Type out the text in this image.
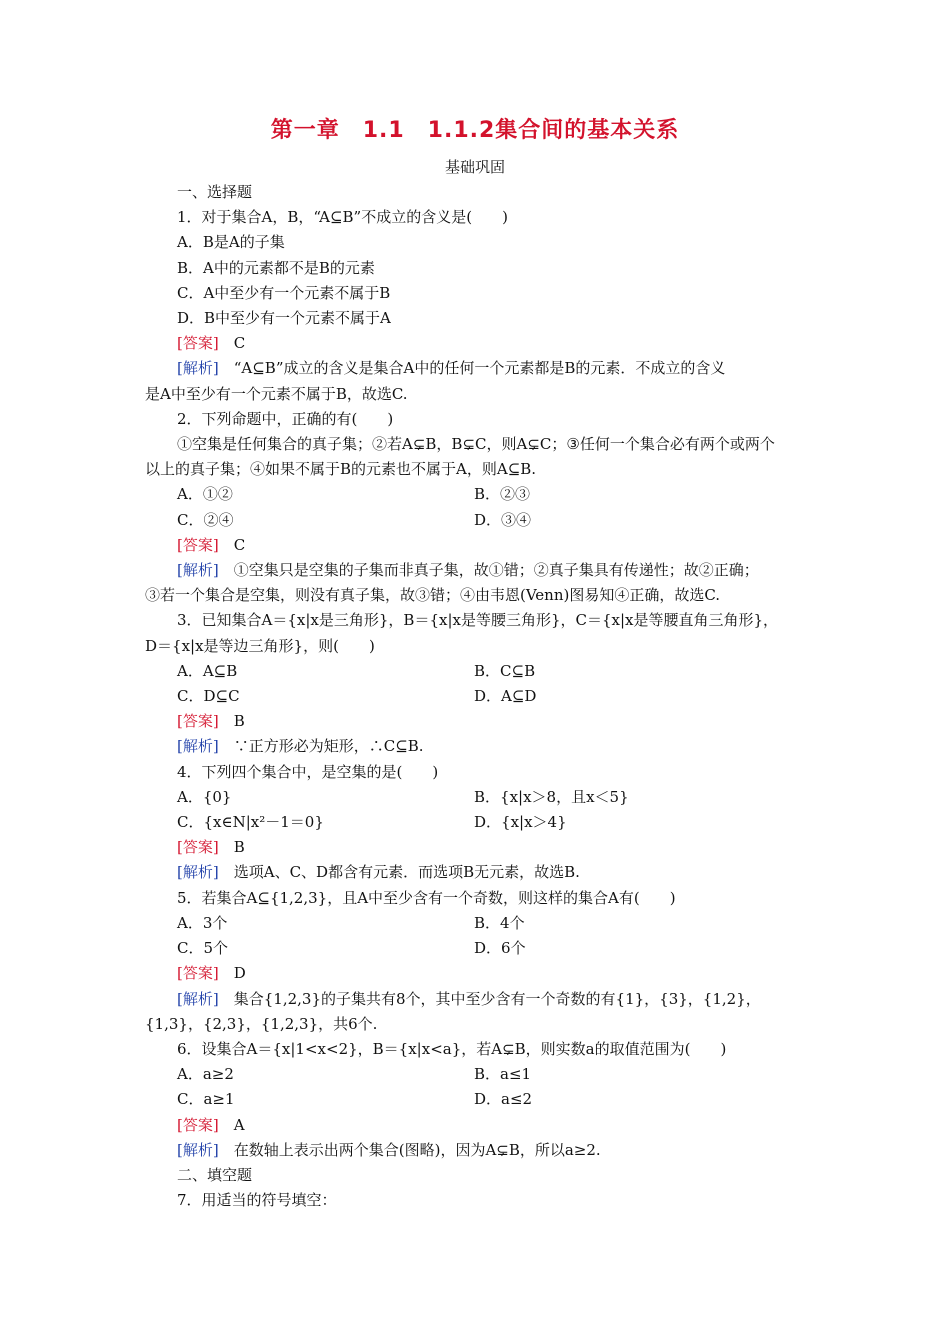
第一章　1.1　1.1.2集合间的基本关系
基础巩固
一、选择题
1．对于集合A，B，“A⊆B”不成立的含义是(　　)
A．B是A的子集
B．A中的元素都不是B的元素
C．A中至少有一个元素不属于B
D．B中至少有一个元素不属于A
[答案]　 C
[解析]　 “A⊆B”成立的含义是集合A中的任何一个元素都是B的元素．不成立的含义
是A中至少有一个元素不属于B，故选C.
2．下列命题中，正确的有(　　)
①空集是任何集合的真子集；②若A⊊B，B⊊C，则A⊊C；③任何一个集合必有两个或两个
以上的真子集；④如果不属于B的元素也不属于A，则A⊆B.
A．①②	B．②③
C．②④	D．③④
[答案]　 C
[解析]　 ①空集只是空集的子集而非真子集，故①错；②真子集具有传递性；故②正确；
③若一个集合是空集，则没有真子集，故③错；④由韦恩(Venn)图易知④正确，故选C.
3．已知集合A＝{x|x是三角形}，B＝{x|x是等腰三角形}，C＝{x|x是等腰直角三角形}，
D＝{x|x是等边三角形}，则(　　)
A．A⊆B	B．C⊆B
C．D⊆C	D．A⊆D
[答案]　 B
[解析]　 ∵正方形必为矩形，∴C⊆B.
4．下列四个集合中，是空集的是(　　)
A．{0}	B．{x|x＞8，且x＜5}
C．{x∈N|x²－1＝0}	D．{x|x＞4}
[答案]　 B
[解析]　 选项A、C、D都含有元素．而选项B无元素，故选B.
5．若集合A⊆{1,2,3}，且A中至少含有一个奇数，则这样的集合A有(　　)
A．3个	B．4个
C．5个	D．6个
[答案]　 D
[解析]　 集合{1,2,3}的子集共有8个，其中至少含有一个奇数的有{1}，{3}，{1,2}，
{1,3}，{2,3}，{1,2,3}，共6个.
6．设集合A＝{x|1<x<2}，B＝{x|x<a}，若A⊊B，则实数a的取值范围为(　　)
A．a≥2	B．a≤1
C．a≥1	D．a≤2
[答案]　 A
[解析]　 在数轴上表示出两个集合(图略)，因为A⊊B，所以a≥2.
二、填空题
7．用适当的符号填空：
